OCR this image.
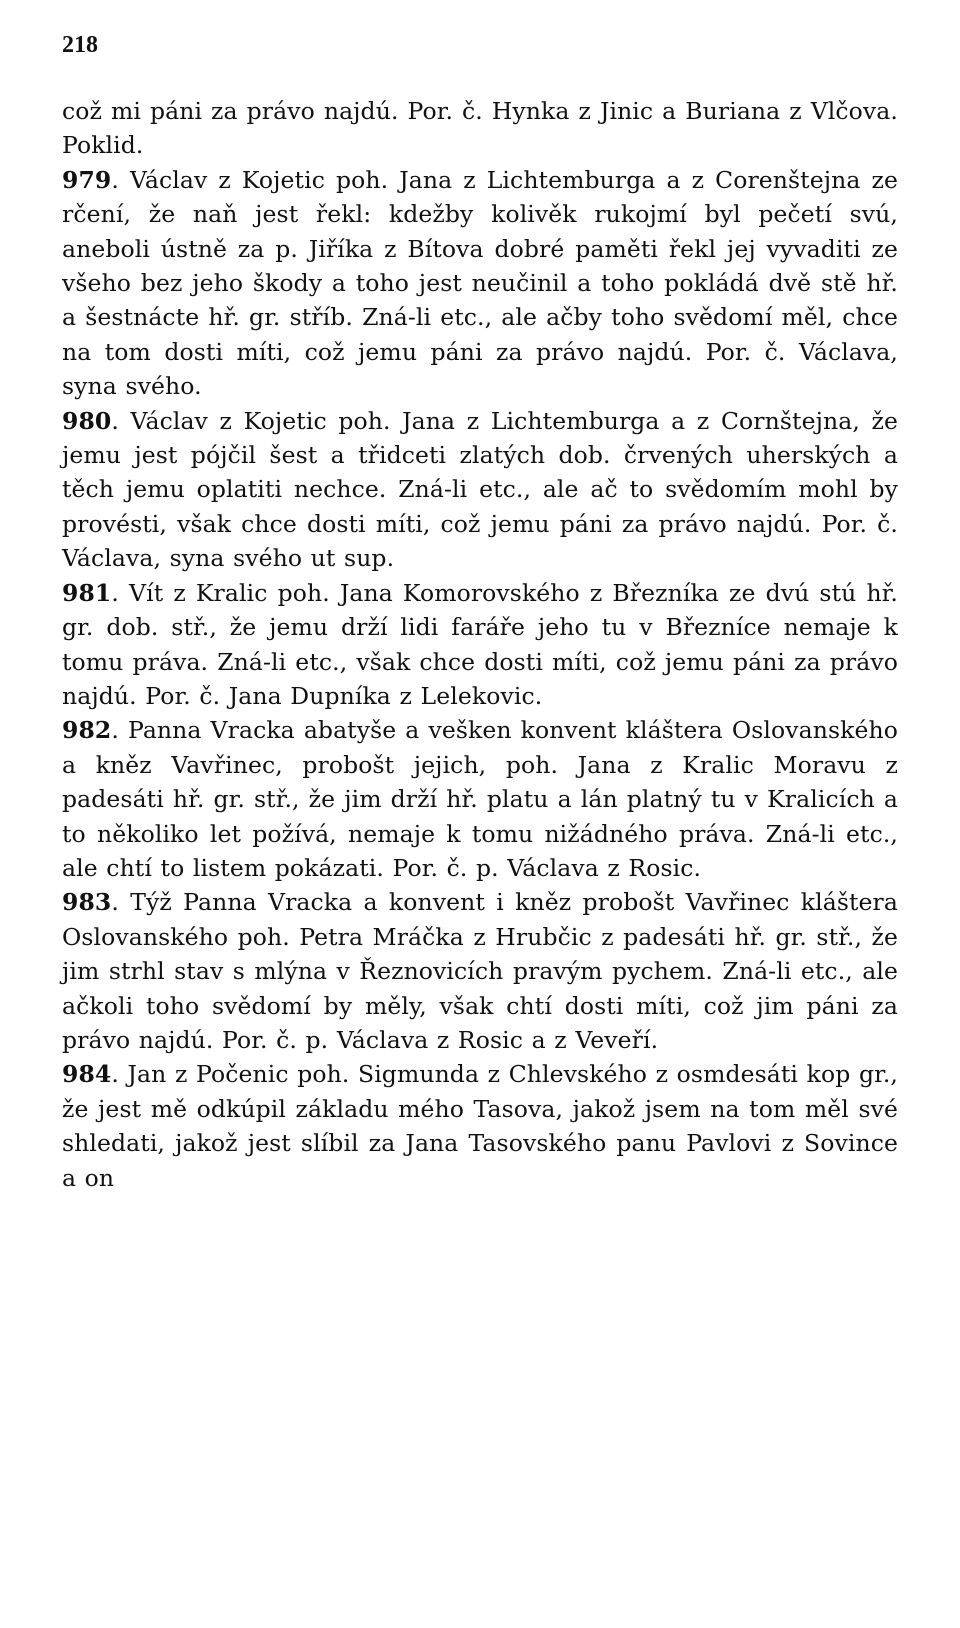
218

což mi páni za právo najdú. Por. č. Hynka z Jinic a Buriana z Vlčova. Poklid.

979. Václav z Kojetic poh. Jana z Lichtemburga a z Corenštejna ze rčení, že naň jest řekl: kdežby kolivěk rukojmí byl pečetí svú, aneboli ústně za p. Jiříka z Bítova dobré paměti řekl jej vyvaditi ze všeho bez jeho škody a toho jest neučinil a toho pokládá dvě stě hř. a šestnácte hř. gr. stříb. Zná-li etc., ale ačby toho svědomí měl, chce na tom dosti míti, což jemu páni za právo najdú. Por. č. Václava, syna svého.

980. Václav z Kojetic poh. Jana z Lichtemburga a z Cornštejna, že jemu jest pójčil šest a třidceti zlatých dob. črvených uherských a těch jemu oplatiti nechce. Zná-li etc., ale ač to svědomím mohl by provésti, však chce dosti míti, což jemu páni za právo najdú. Por. č. Václava, syna svého ut sup.

981. Vít z Kralic poh. Jana Komorovského z Březníka ze dvú stú hř. gr. dob. stř., že jemu drží lidi faráře jeho tu v Březníce nemaje k tomu práva. Zná-li etc., však chce dosti míti, což jemu páni za právo najdú. Por. č. Jana Dupníka z Lelekovic.

982. Panna Vracka abatyše a vešken konvent kláštera Oslovanského a kněz Vavřinec, probošt jejich, poh. Jana z Kralic Moravu z padesáti hř. gr. stř., že jim drží hř. platu a lán platný tu v Kralicích a to několiko let požívá, nemaje k tomu nižádného práva. Zná-li etc., ale chtí to listem pokázati. Por. č. p. Václava z Rosic.

983. Týž Panna Vracka a konvent i kněz probošt Vavřinec kláštera Oslovanského poh. Petra Mráčka z Hrubčic z padesáti hř. gr. stř., že jim strhl stav s mlýna v Řeznovicích pravým pychem. Zná-li etc., ale ačkoli toho svědomí by měly, však chtí dosti míti, což jim páni za právo najdú. Por. č. p. Václava z Rosic a z Veveří.

984. Jan z Počenic poh. Sigmunda z Chlevského z osmdesáti kop gr., že jest mě odkúpil základu mého Tasova, jakož jsem na tom měl své shledati, jakož jest slíbil za Jana Tasovského panu Pavlovi z Sovince a on
